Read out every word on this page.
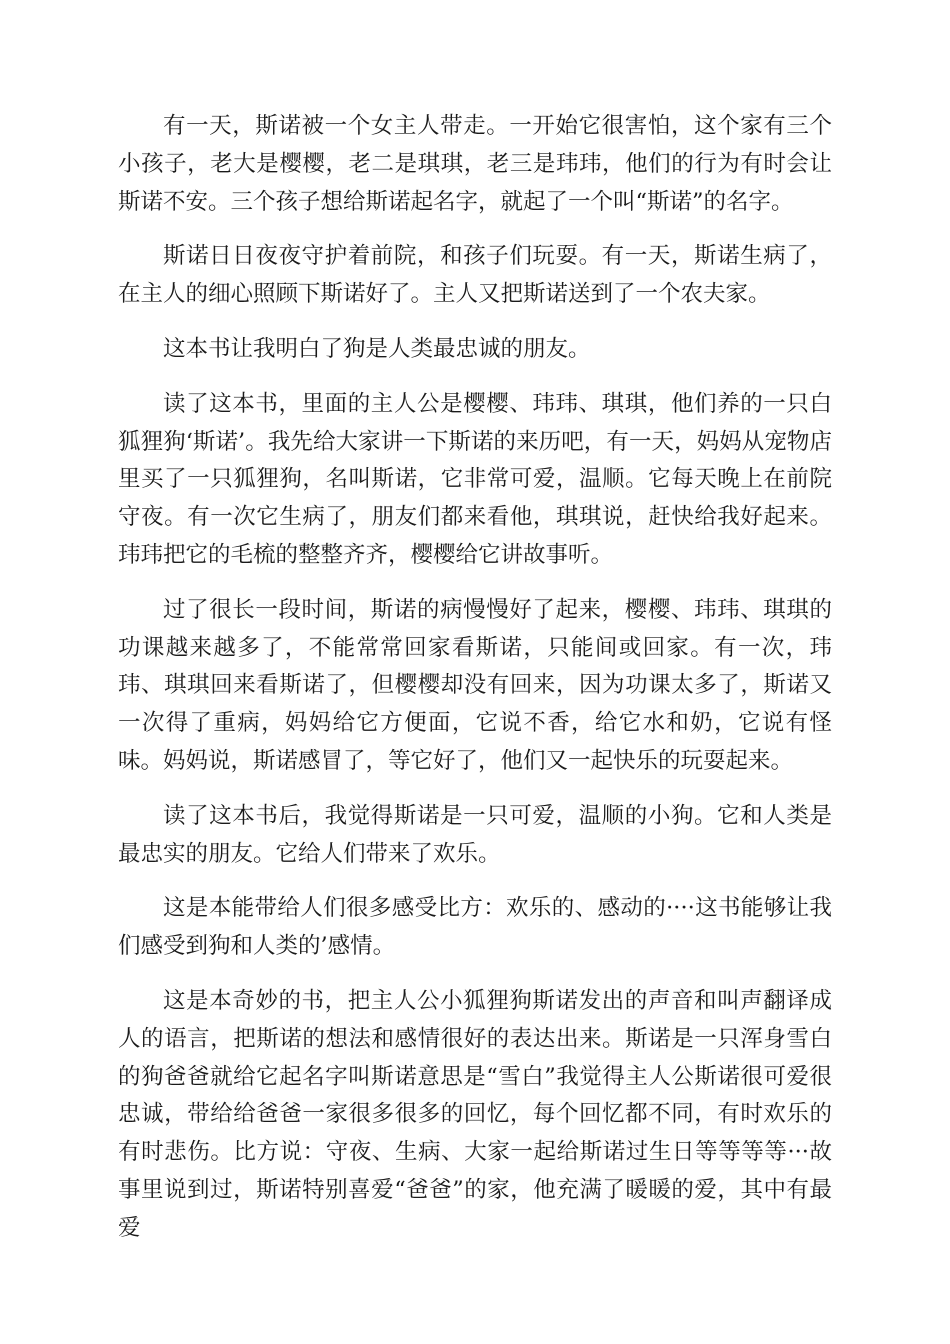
有一天，斯诺被一个女主人带走。一开始它很害怕，这个家有三个小孩子，老大是樱樱，老二是琪琪，老三是玮玮，他们的行为有时会让斯诺不安。三个孩子想给斯诺起名字，就起了一个叫“斯诺”的名字。

斯诺日日夜夜守护着前院，和孩子们玩耍。有一天，斯诺生病了，在主人的细心照顾下斯诺好了。主人又把斯诺送到了一个农夫家。

这本书让我明白了狗是人类最忠诚的朋友。

读了这本书，里面的主人公是樱樱、玮玮、琪琪，他们养的一只白狐狸狗‘斯诺’。我先给大家讲一下斯诺的来历吧，有一天，妈妈从宠物店里买了一只狐狸狗，名叫斯诺，它非常可爱，温顺。它每天晚上在前院守夜。有一次它生病了，朋友们都来看他，琪琪说，赶快给我好起来。玮玮把它的毛梳的整整齐齐，樱樱给它讲故事听。

过了很长一段时间，斯诺的病慢慢好了起来，樱樱、玮玮、琪琪的功课越来越多了，不能常常回家看斯诺，只能间或回家。有一次，玮玮、琪琪回来看斯诺了，但樱樱却没有回来，因为功课太多了，斯诺又一次得了重病，妈妈给它方便面，它说不香，给它水和奶，它说有怪味。妈妈说，斯诺感冒了，等它好了，他们又一起快乐的玩耍起来。

读了这本书后，我觉得斯诺是一只可爱，温顺的小狗。它和人类是最忠实的朋友。它给人们带来了欢乐。

这是本能带给人们很多感受比方：欢乐的、感动的····这书能够让我们感受到狗和人类的’感情。

这是本奇妙的书，把主人公小狐狸狗斯诺发出的声音和叫声翻译成人的语言，把斯诺的想法和感情很好的表达出来。斯诺是一只浑身雪白的狗爸爸就给它起名字叫斯诺意思是“雪白”我觉得主人公斯诺很可爱很忠诚，带给给爸爸一家很多很多的回忆，每个回忆都不同，有时欢乐的有时悲伤。比方说：守夜、生病、大家一起给斯诺过生日等等等等···故事里说到过，斯诺特别喜爱“爸爸”的家，他充满了暖暖的爱，其中有最爱
